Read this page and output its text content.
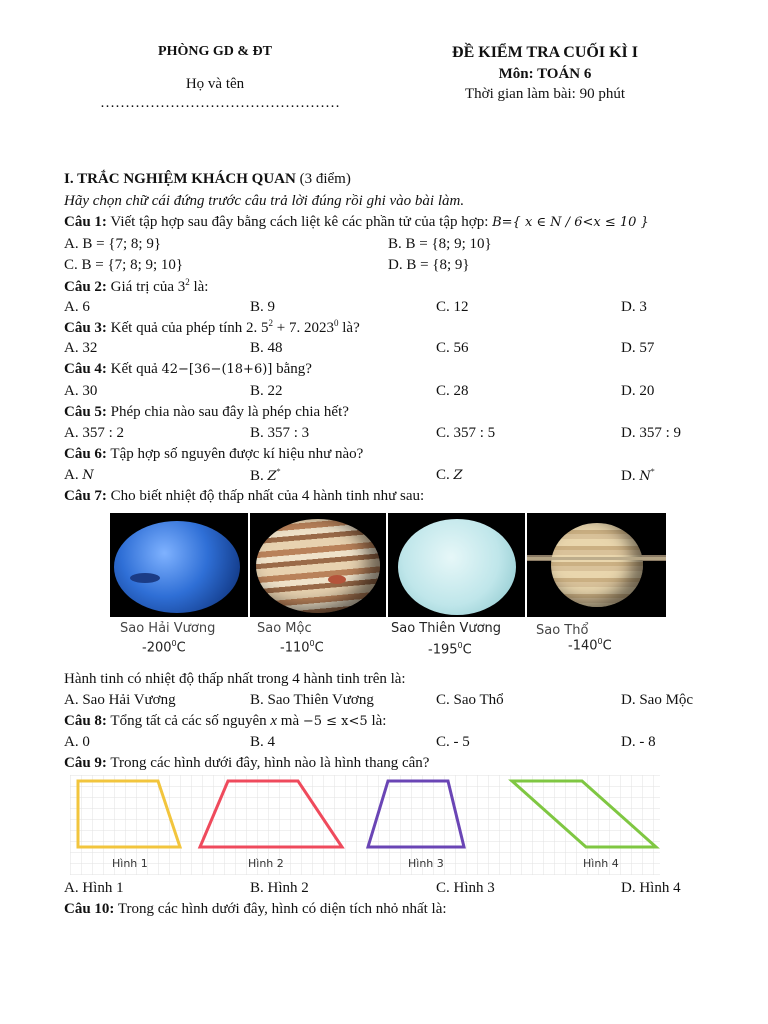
PHÒNG GD & ĐT
Họ và tên
…………………………………………
ĐỀ KIỂM TRA CUỐI KÌ I
Môn: TOÁN 6
Thời gian làm bài: 90 phút
I. TRẮC NGHIỆM KHÁCH QUAN (3 điểm)
Hãy chọn chữ cái đứng trước câu trả lời đúng rồi ghi vào bài làm.
Câu 1: Viết tập hợp sau đây bằng cách liệt kê các phần tử của tập hợp: B={ x ∈ N / 6<x ≤ 10 }
A. B = {7; 8; 9}	B. B = {8; 9; 10}
C. B = {7; 8; 9; 10}	D. B = {8; 9}
Câu 2: Giá trị của $3^2$ là:
A. 6	B. 9	C. 12	D. 3
Câu 3: Kết quả của phép tính 2. $5^2 + 7$. 2023$^0$ là?
A. 32	B. 48	C. 56	D. 57
Câu 4: Kết quả 42−[36−(18+6)] bằng?
A. 30	B. 22	C. 28	D. 20
Câu 5: Phép chia nào sau đây là phép chia hết?
A. 357 : 2	B. 357 : 3	C. 357 : 5	D. 357 : 9
Câu 6: Tập hợp số nguyên được kí hiệu như nào?
A. N	B. Z*	C. Z	D. N*
Câu 7: Cho biết nhiệt độ thấp nhất của 4 hành tinh như sau:
Sao Hải Vương
$-200^0C$
Sao Mộc
$-110^0C$
Sao Thiên Vương
$-195^0C$
Sao Thổ
$-140^0C$
Hành tinh có nhiệt độ thấp nhất trong 4 hành tinh trên là:
A. Sao Hải Vương	B. Sao Thiên Vương	C. Sao Thổ	D. Sao Mộc
Câu 8: Tổng tất cả các số nguyên x mà −5 ≤ x<5 là:
A. 0	B. 4	C. - 5	D. - 8
Câu 9: Trong các hình dưới đây, hình nào là hình thang cân?
Hình 1	Hình 2	Hình 3	Hình 4
A. Hình 1	B. Hình 2	C. Hình 3	D. Hình 4
Câu 10: Trong các hình dưới đây, hình có diện tích nhỏ nhất là:
